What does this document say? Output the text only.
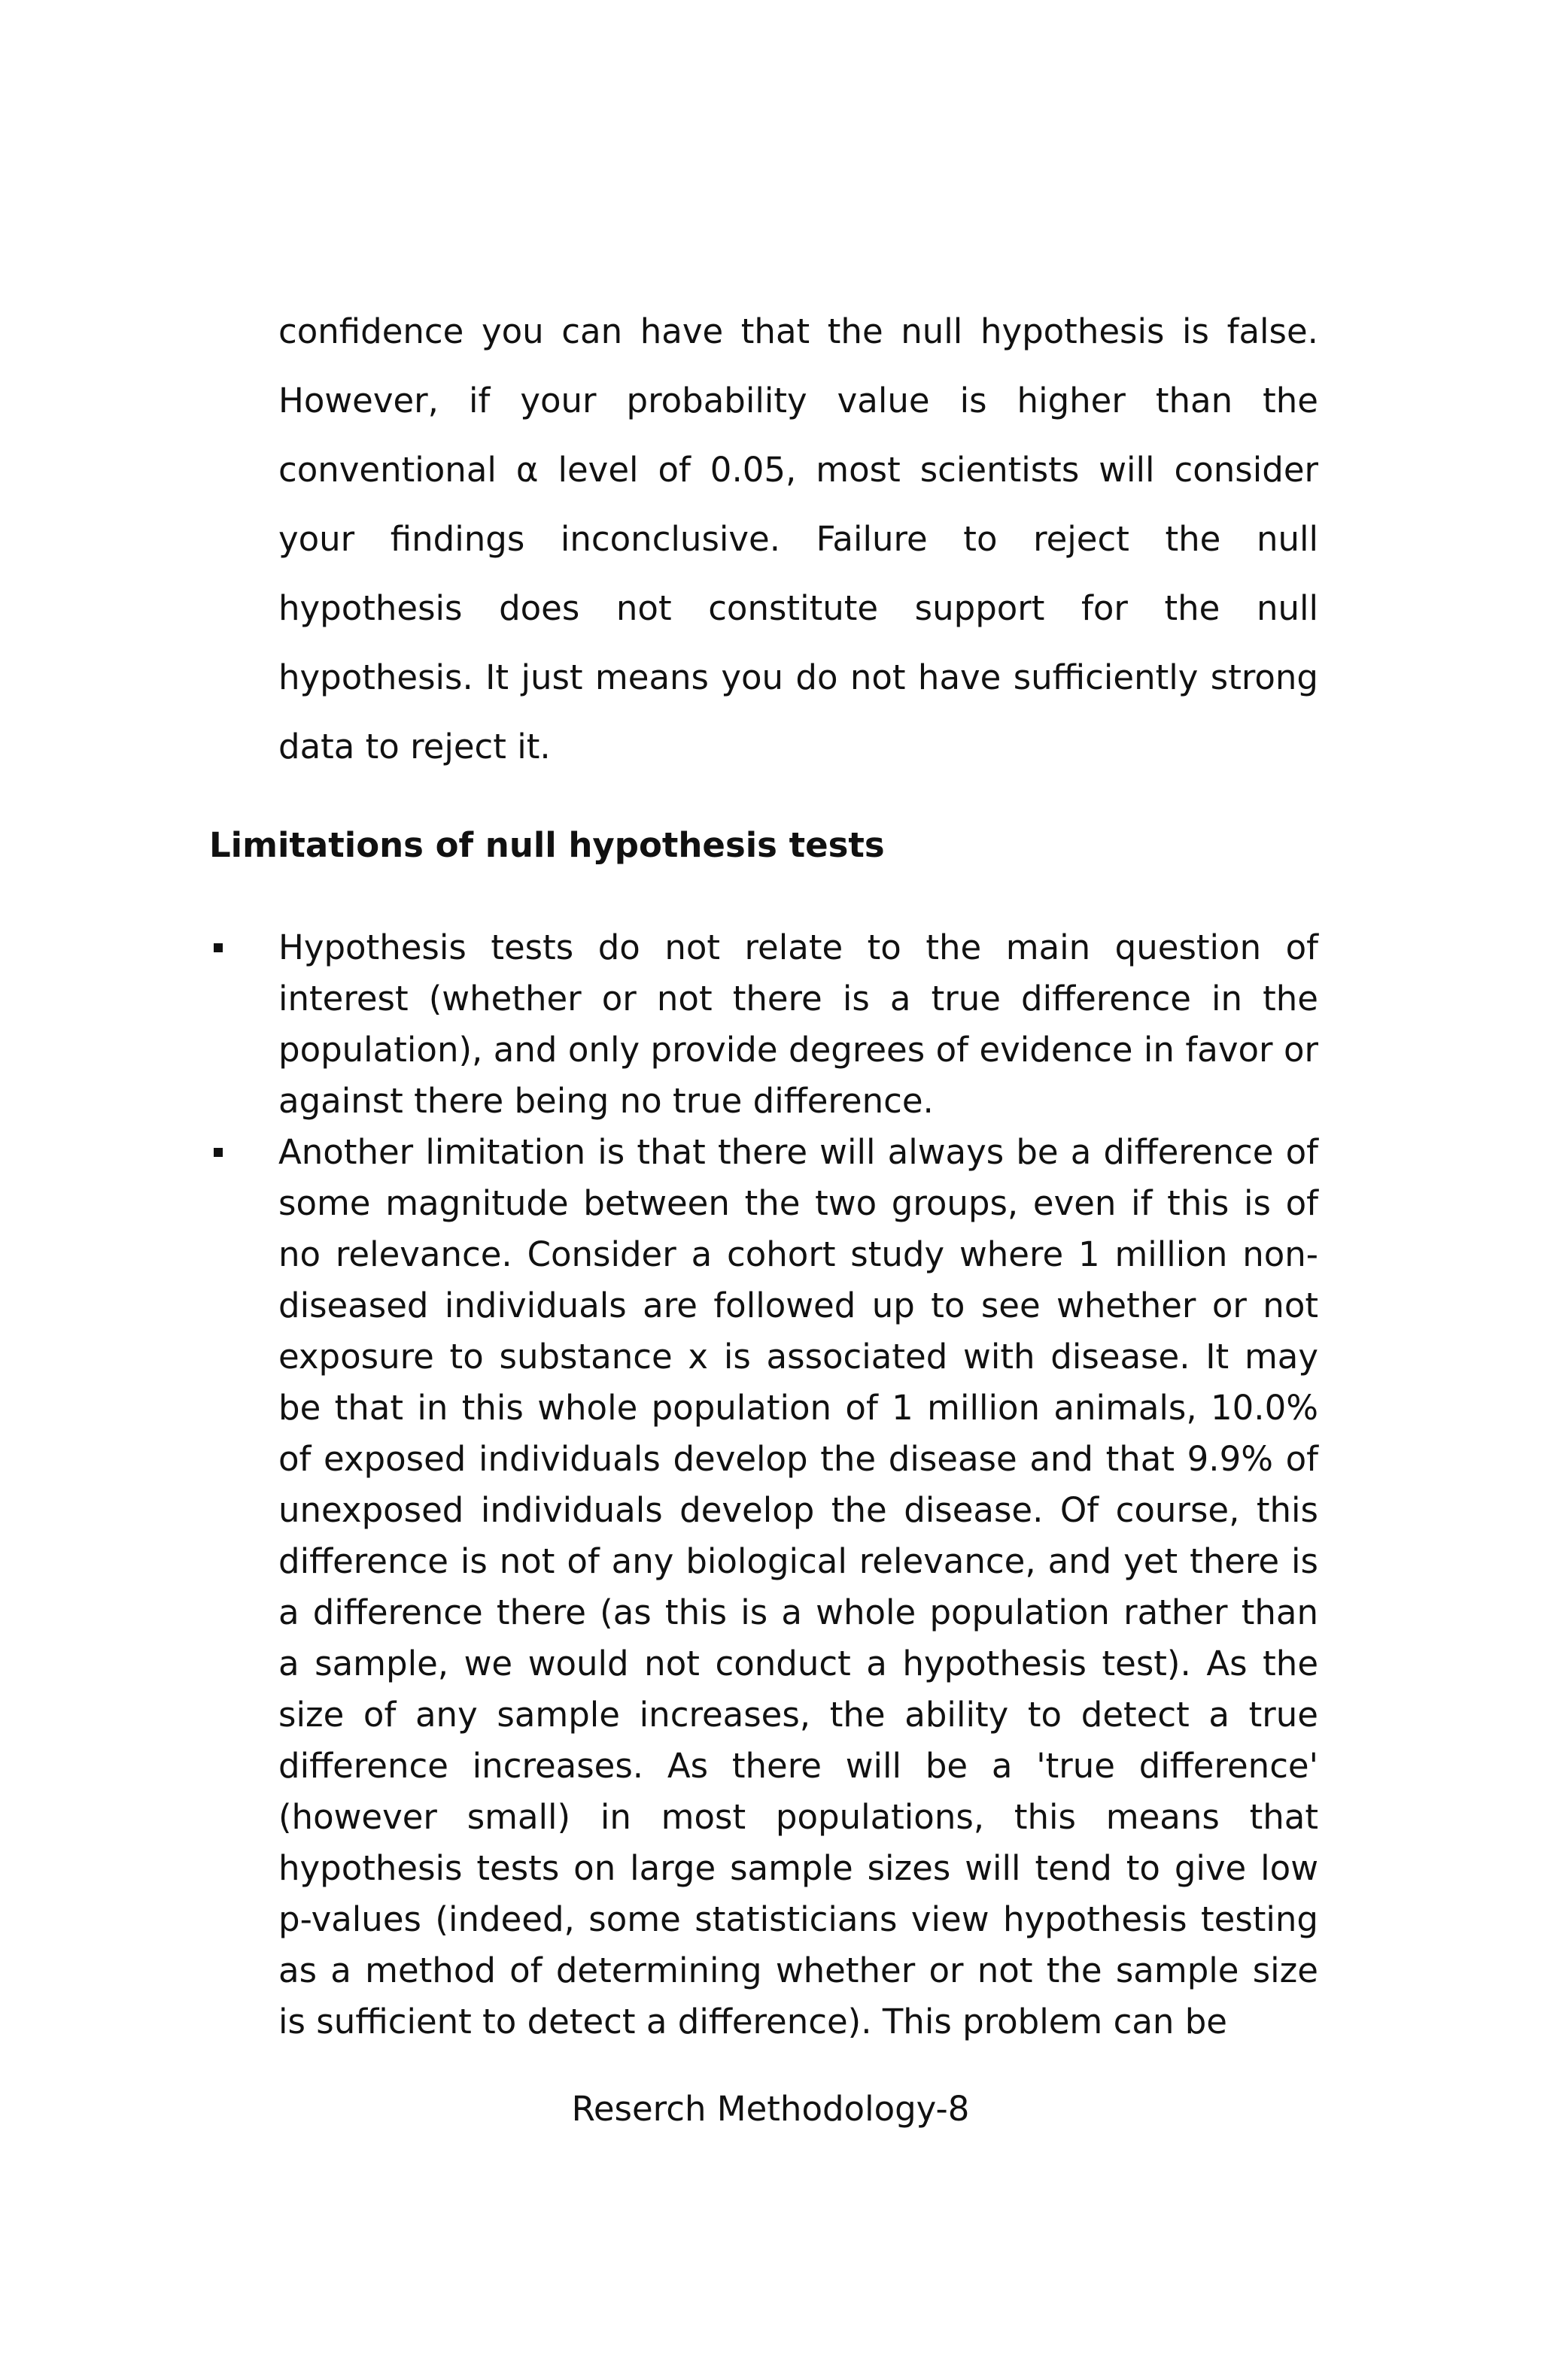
confidence you can have that the null hypothesis is false. However, if your probability value is higher than the conventional α level of 0.05, most scientists will consider your findings inconclusive. Failure to reject the null hypothesis does not constitute support for the null hypothesis. It just means you do not have sufficiently strong data to reject it.

Limitations of null hypothesis tests
Hypothesis tests do not relate to the main question of interest (whether or not there is a true difference in the population), and only provide degrees of evidence in favor or against there being no true difference.
Another limitation is that there will always be a difference of some magnitude between the two groups, even if this is of no relevance. Consider a cohort study where 1 million non-diseased individuals are followed up to see whether or not exposure to substance x is associated with disease. It may be that in this whole population of 1 million animals, 10.0% of exposed individuals develop the disease and that 9.9% of unexposed individuals develop the disease. Of course, this difference is not of any biological relevance, and yet there is a difference there (as this is a whole population rather than a sample, we would not conduct a hypothesis test). As the size of any sample increases, the ability to detect a true difference increases. As there will be a 'true difference' (however small) in most populations, this means that hypothesis tests on large sample sizes will tend to give low p-values (indeed, some statisticians view hypothesis testing as a method of determining whether or not the sample size is sufficient to detect a difference). This problem can be
Reserch Methodology-8
